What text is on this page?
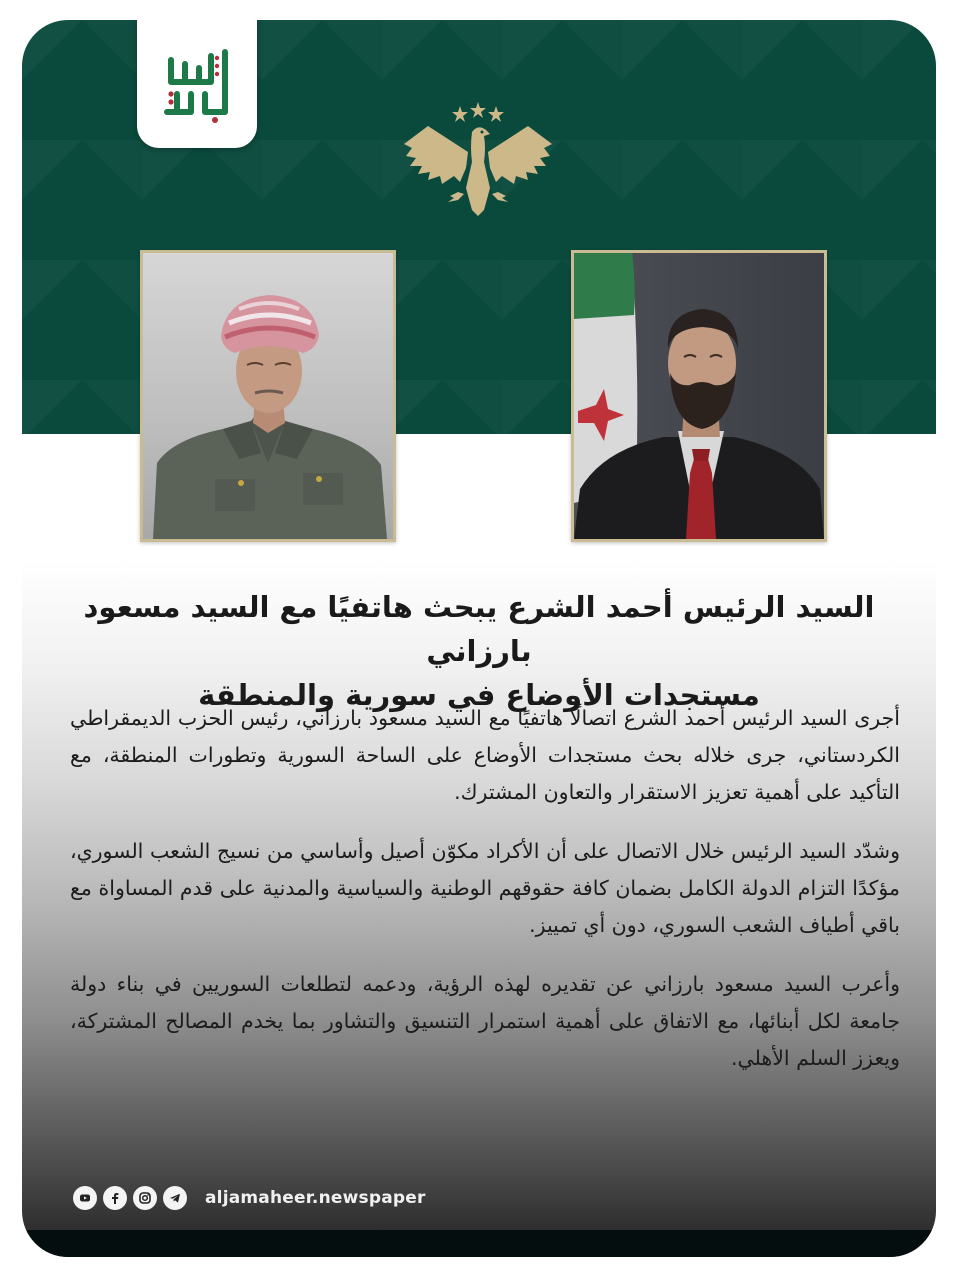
السيد الرئيس أحمد الشرع يبحث هاتفيًا مع السيد مسعود بارزاني
مستجدات الأوضاع في سورية والمنطقة

أجرى السيد الرئيس أحمد الشرع اتصالًا هاتفيًا مع السيد مسعود بارزاني، رئيس الحزب الديمقراطي الكردستاني، جرى خلاله بحث مستجدات الأوضاع على الساحة السورية وتطورات المنطقة، مع التأكيد على أهمية تعزيز الاستقرار والتعاون المشترك.

وشدّد السيد الرئيس خلال الاتصال على أن الأكراد مكوّن أصيل وأساسي من نسيج الشعب السوري، مؤكدًا التزام الدولة الكامل بضمان كافة حقوقهم الوطنية والسياسية والمدنية على قدم المساواة مع باقي أطياف الشعب السوري، دون أي تمييز.

وأعرب السيد مسعود بارزاني عن تقديره لهذه الرؤية، ودعمه لتطلعات السوريين في بناء دولة جامعة لكل أبنائها، مع الاتفاق على أهمية استمرار التنسيق والتشاور بما يخدم المصالح المشتركة، ويعزز السلم الأهلي.

aljamaheer.newspaper
